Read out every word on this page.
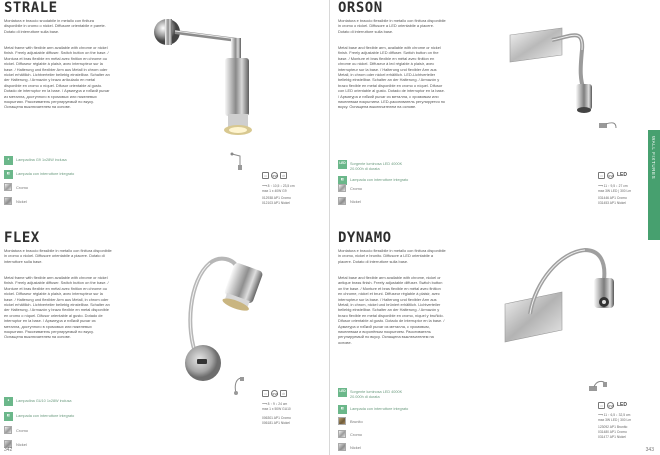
STRALE
Montatura e braccio snodabile in metallo con finitura disponibile in cromo o nickel. Diffusore orientabile e parete. Dotato di interruttore sulla base.
Metal frame with flexible arm available with chrome or nickel finish. Freely adjustable diffuser. Switch button on the base. / Montura et bras flexible en métal avec finition en chrome ou nickel. Diffuseur réglable à plaisir, avec interrupteur sur la base. / Halterung und flexibler Arm aus Metall in chrom oder nickel erhältlich. Lichtverteiler beliebig einstellbar. Schalter an der Halterung. / Armazón y brazo articulado en metal disponible en cromo o níquel. Difusor orientable al gusto. Dotado de interruptor en la base. / Арматура и гибкий рычаг из металла, доступного в хромовых или никелевых покрытиях. Рассеиватель регулируемый по вкусу. Оснащена выключателем на основе.
●	Lampadina G9 1x28W inclusa
◧	Lampada con interruttore integrato
Cromo
Nickel
□	IP20	∅
⟶ 8 ↑ 10,5 ↕ 23,5 cm
max 1 x 40W G9
012938 AP1 Cromo
012103 AP1 Nickel
FLEX
Montatura e braccio flessibile in metallo con finitura disponibile in cromo o nickel. Diffusore orientabile a piacere. Dotato di interruttore sulla base.
Metal frame with flexible arm available with chrome or nickel finish. Freely adjustable diffuser. Switch button on the base. / Monture et bras flexible en métal avec finition en chrome ou nickel. Diffuseur réglable à plaisir, avec interrupteur sur la base. / Halterung und flexibler Arm aus Metall, in chrom oder nickel erhältlich. Lichtverteiler beliebig einstellbar. Schalter an der Halterung. / Armazón y brazo flexible en metal disponible en cromo o níquel. Difusor orientable al gusto. Dotado de interruptor en la base. / Арматура и гибкий рычаг из металла, доступного в хромовых или никелевых покрытиях. Рассеиватель регулируемый по вкусу. Оснащена выключателем на основе.
●	Lampadina GU10 1x28W inclusa
◧	Lampada con interruttore integrato
Cromo
Nickel
□	IP20	∅
⟶ 8 ↑ 9 ↕ 24 cm
max 1 x 50W GU10
006301 AP1 Cromo
006181 AP1 Nickel
342
ORSON
Montatura e braccio flessibile in metallo con finitura disponibile in cromo o nickel. Diffusore a LED orientabile a piacere. Dotato di interruttore sulla base.
Metal base and flexible arm, available with chrome or nickel finish. Freely adjustable LED diffuser. Switch button on the base. / Monture et bras flexible en métal avec finition en chrome ou nickel. Diffuseur à led réglable à plaisir, avec interrupteur sur la base. / Halterung und flexibler Arm aus Metall, in chrom oder nickel erhältlich. LED-Lichtverteiler beliebig einstellbar. Schalter an der Halterung. / Armazón y brazo flexible en metal disponible en cromo o níquel. Difusor con LED orientable al gusto. Dotado de interruptor en la base. / Арматура и гибкий рычаг из металла, с хромовым или никелевым покрытием. LED-рассеиватель регулируется по вкусу. Оснащена выключателем на основе.
LED	Sorgente luminosa LED 4000K
20.000h di durata
◧	Lampada con interruttore integrato
Cromo
Nickel
□	IP20 LED
⟶ 11 ↑ 9,5 ↕ 27 cm
max 3W LED | 300 Lm
031446 AP1 Cromo
031453 AP1 Nickel
DYNAMO
Montatura e braccio flessibile in metallo con finitura disponibile in cromo, nickel e brunito. Diffusore a LED orientabile a piacere. Dotato di interruttore sulla base.
Metal base and flexible arm available with chrome, nickel or antique brass finish. Freely adjustable diffuser. Switch button on the base. / Monture et bras flexible en métal avec finition en chrome, nickel et bruni. Diffuseur réglable à plaisir, avec interrupteur sur la base. / Halterung und flexibler Arm aus Metall, in chrom, nickel und brüniert erhältlich. Lichtverteiler beliebig einstellbar. Schalter an der Halterung. / Armazón y brazo flexible en metal disponible en cromo, níquel y bruñido. Difusor orientable al gusto. Dotado de interruptor en la base. / Арматура и гибкий рычаг из металла, с хромовым, никелевым и воронёным покрытием. Рассеиватель регулируемый по вкусу. Оснащена выключателем на основе.
LED	Sorgente luminosa LED 4000K
20.000h di durata
◧	Lampada con interruttore integrato
Brunito
Cromo
Nickel
□	IP20 LED
⟶ 11 ↑ 6,5 ↕ 32,5 cm
max 3W LED | 300 Lm
123092 AP1 Brunito
031480 AP1 Cromo
031477 AP1 Nickel
343
WALL FIXTURES
